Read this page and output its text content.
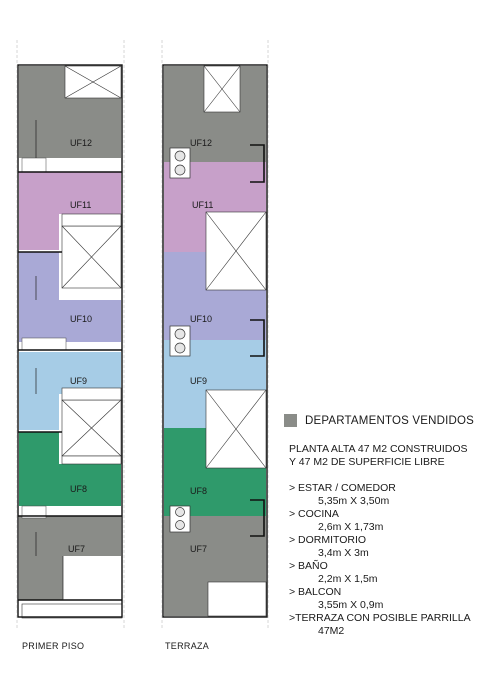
UF12	UF12
UF11	UF11
UF10	UF10
UF9	UF9
UF8	UF8
UF7	UF7
DEPARTAMENTOS VENDIDOS
PLANTA ALTA 47 M2 CONSTRUIDOS
Y 47 M2 DE SUPERFICIE LIBRE
> ESTAR / COMEDOR
5,35m X 3,50m
> COCINA
2,6m X 1,73m
> DORMITORIO
3,4m X 3m
> BAÑO
2,2m X 1,5m
> BALCON
3,55m X 0,9m
>TERRAZA CON POSIBLE PARRILLA
47M2
PRIMER PISO	TERRAZA
